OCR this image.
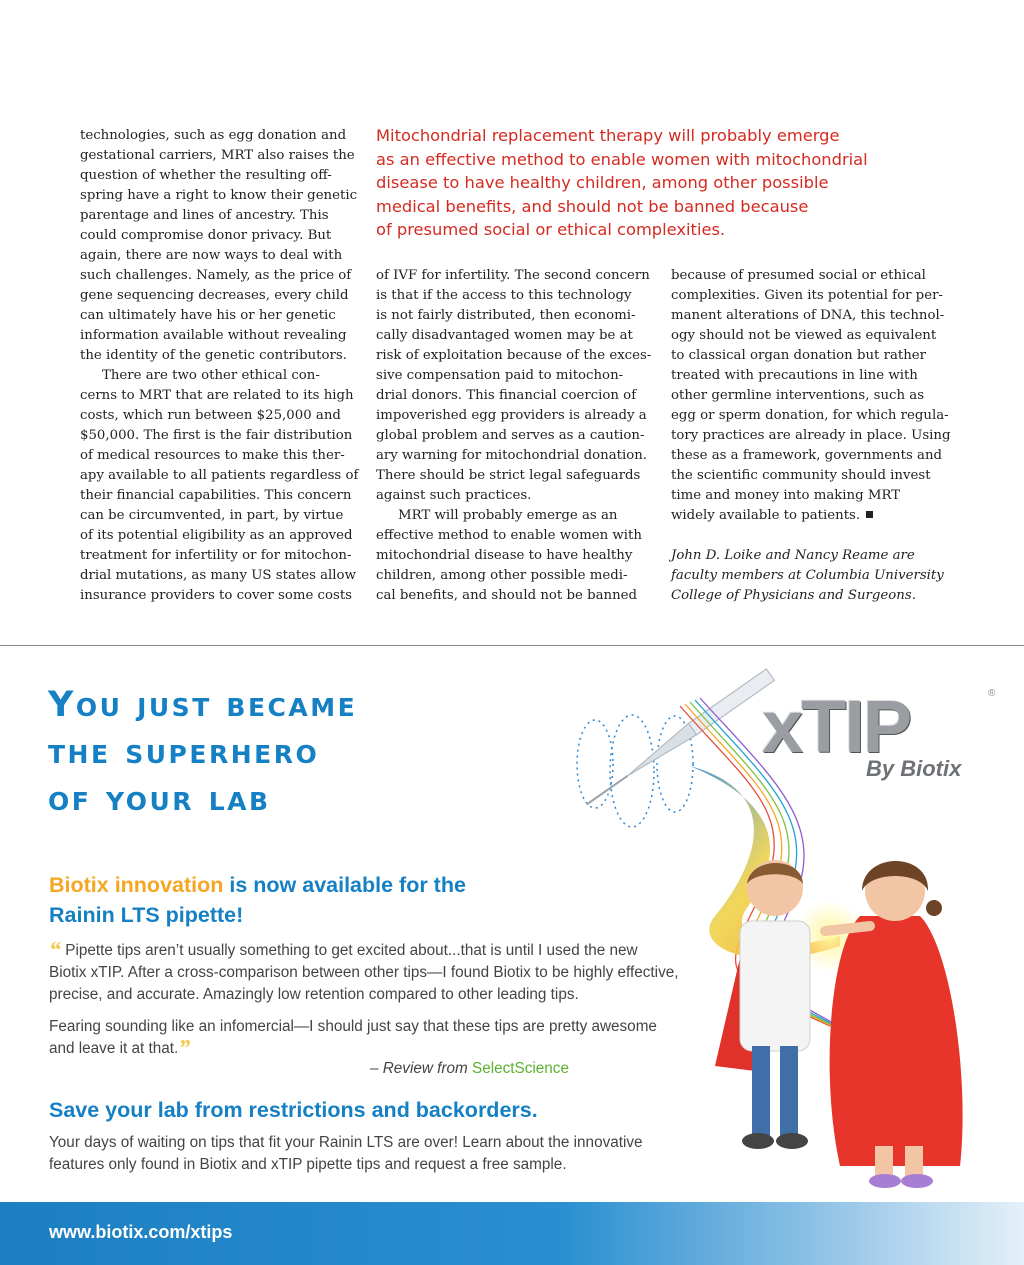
technologies, such as egg donation and
gestational carriers, MRT also raises the
question of whether the resulting off-
spring have a right to know their genetic
parentage and lines of ancestry. This
could compromise donor privacy. But
again, there are now ways to deal with
such challenges. Namely, as the price of
gene sequencing decreases, every child
can ultimately have his or her genetic
information available without revealing
the identity of the genetic contributors.
There are two other ethical con-
cerns to MRT that are related to its high
costs, which run between $25,000 and
$50,000. The first is the fair distribution
of medical resources to make this ther-
apy available to all patients regardless of
their financial capabilities. This concern
can be circumvented, in part, by virtue
of its potential eligibility as an approved
treatment for infertility or for mitochon-
drial mutations, as many US states allow
insurance providers to cover some costs
Mitochondrial replacement therapy will probably emerge
as an effective method to enable women with mitochondrial
disease to have healthy children, among other possible
medical benefits, and should not be banned because
of presumed social or ethical complexities.
of IVF for infertility. The second concern
is that if the access to this technology
is not fairly distributed, then economi-
cally disadvantaged women may be at
risk of exploitation because of the exces-
sive compensation paid to mitochon-
drial donors. This financial coercion of
impoverished egg providers is already a
global problem and serves as a caution-
ary warning for mitochondrial donation.
There should be strict legal safeguards
against such practices.
MRT will probably emerge as an
effective method to enable women with
mitochondrial disease to have healthy
children, among other possible medi-
cal benefits, and should not be banned
because of presumed social or ethical
complexities. Given its potential for per-
manent alterations of DNA, this technol-
ogy should not be viewed as equivalent
to classical organ donation but rather
treated with precautions in line with
other germline interventions, such as
egg or sperm donation, for which regula-
tory practices are already in place. Using
these as a framework, governments and
the scientific community should invest
time and money into making MRT
widely available to patients.
John D. Loike and Nancy Reame are
faculty members at Columbia University
College of Physicians and Surgeons.
You just became
the superhero
of your lab
xTIP	®
By Biotix
Biotix innovation is now available for the
Rainin LTS pipette!
“ Pipette tips aren’t usually something to get excited about...that is until I used the new
Biotix xTIP. After a cross-comparison between other tips—I found Biotix to be highly effective,
precise, and accurate. Amazingly low retention compared to other leading tips.
Fearing sounding like an infomercial—I should just say that these tips are pretty awesome
and leave it at that.”
– Review from SelectScience
Save your lab from restrictions and backorders.
Your days of waiting on tips that fit your Rainin LTS are over! Learn about the innovative
features only found in Biotix and xTIP pipette tips and request a free sample.
www.biotix.com/xtips
